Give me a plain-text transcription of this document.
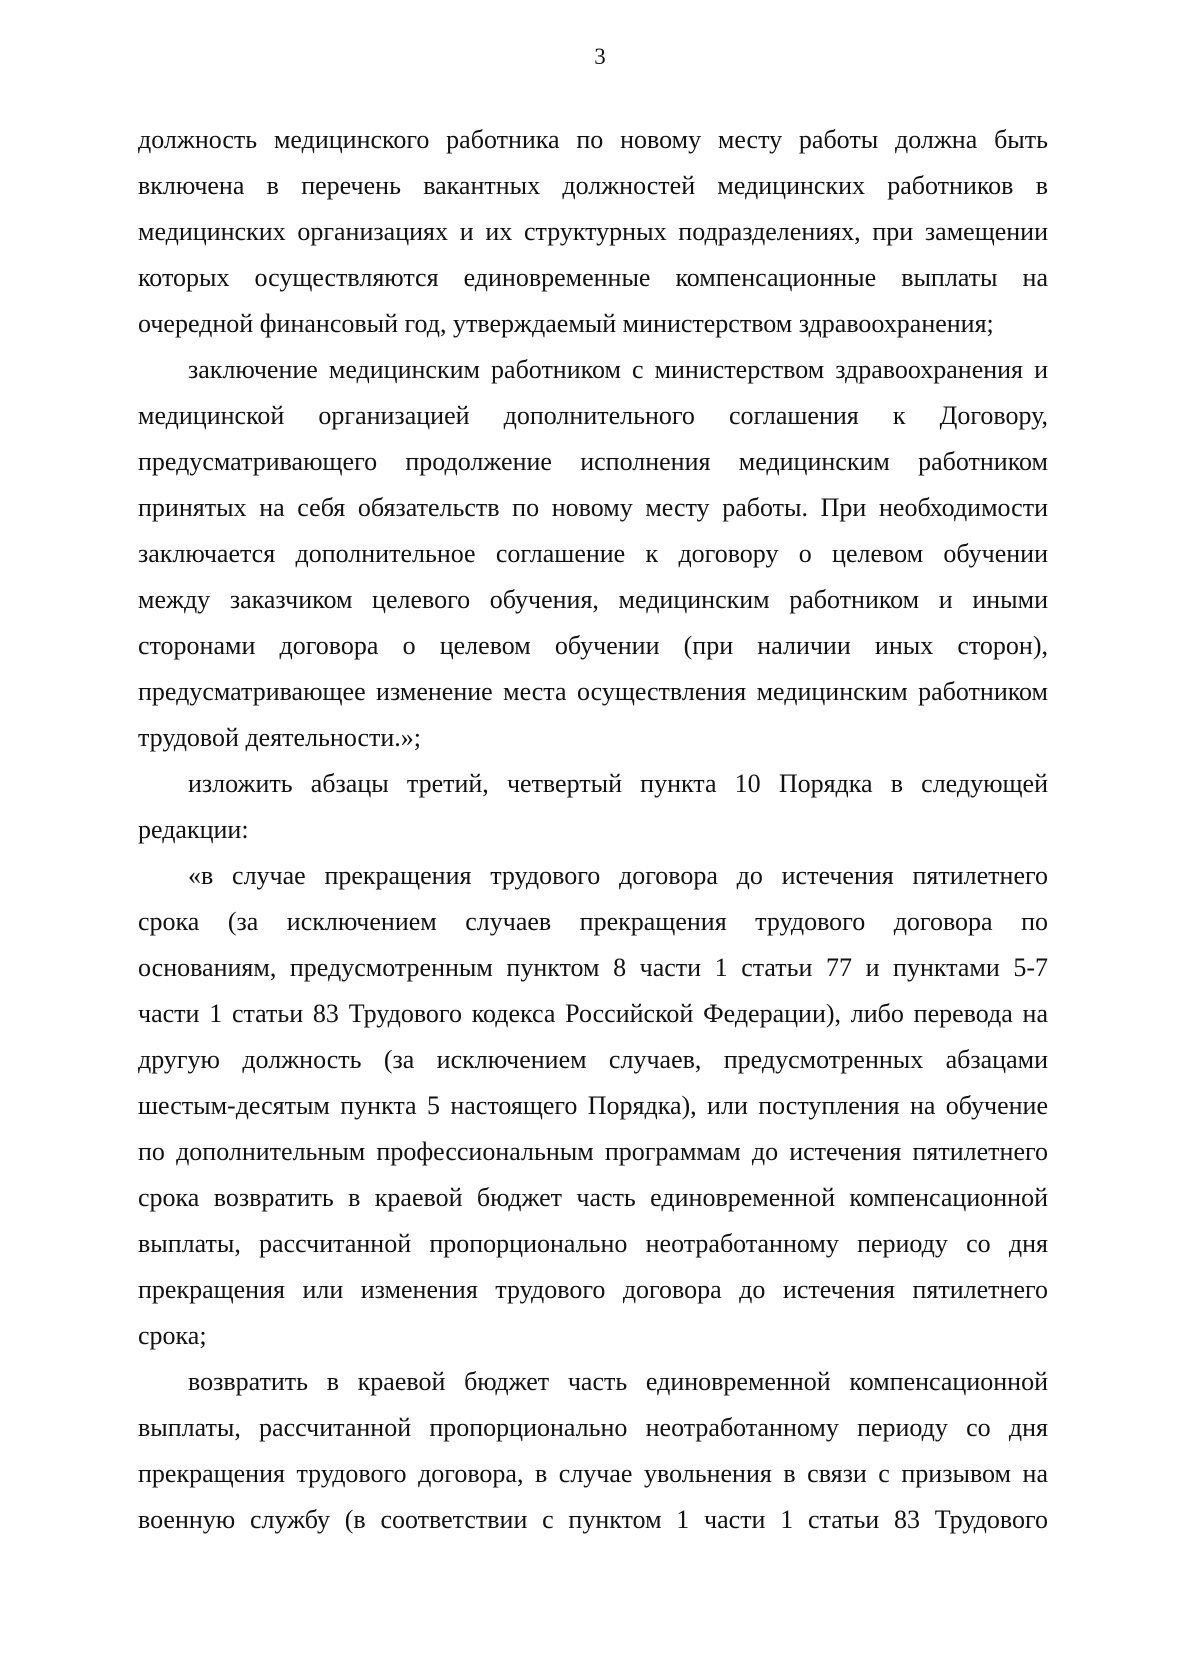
3

должность медицинского работника по новому месту работы должна быть
включена в перечень вакантных должностей медицинских работников в
медицинских организациях и их структурных подразделениях, при замещении
которых осуществляются единовременные компенсационные выплаты на
очередной финансовый год, утверждаемый министерством здравоохранения;

заключение медицинским работником с министерством здравоохранения и
медицинской организацией дополнительного соглашения к Договору,
предусматривающего продолжение исполнения медицинским работником
принятых на себя обязательств по новому месту работы. При необходимости
заключается дополнительное соглашение к договору о целевом обучении
между заказчиком целевого обучения, медицинским работником и иными
сторонами договора о целевом обучении (при наличии иных сторон),
предусматривающее изменение места осуществления медицинским работником
трудовой деятельности.»;

изложить абзацы третий, четвертый пункта 10 Порядка в следующей
редакции:

«в случае прекращения трудового договора до истечения пятилетнего
срока (за исключением случаев прекращения трудового договора по
основаниям, предусмотренным пунктом 8 части 1 статьи 77 и пунктами 5-7
части 1 статьи 83 Трудового кодекса Российской Федерации), либо перевода на
другую должность (за исключением случаев, предусмотренных абзацами
шестым-десятым пункта 5 настоящего Порядка), или поступления на обучение
по дополнительным профессиональным программам до истечения пятилетнего
срока возвратить в краевой бюджет часть единовременной компенсационной
выплаты, рассчитанной пропорционально неотработанному периоду со дня
прекращения или изменения трудового договора до истечения пятилетнего
срока;

возвратить в краевой бюджет часть единовременной компенсационной
выплаты, рассчитанной пропорционально неотработанному периоду со дня
прекращения трудового договора, в случае увольнения в связи с призывом на
военную службу (в соответствии с пунктом 1 части 1 статьи 83 Трудового
